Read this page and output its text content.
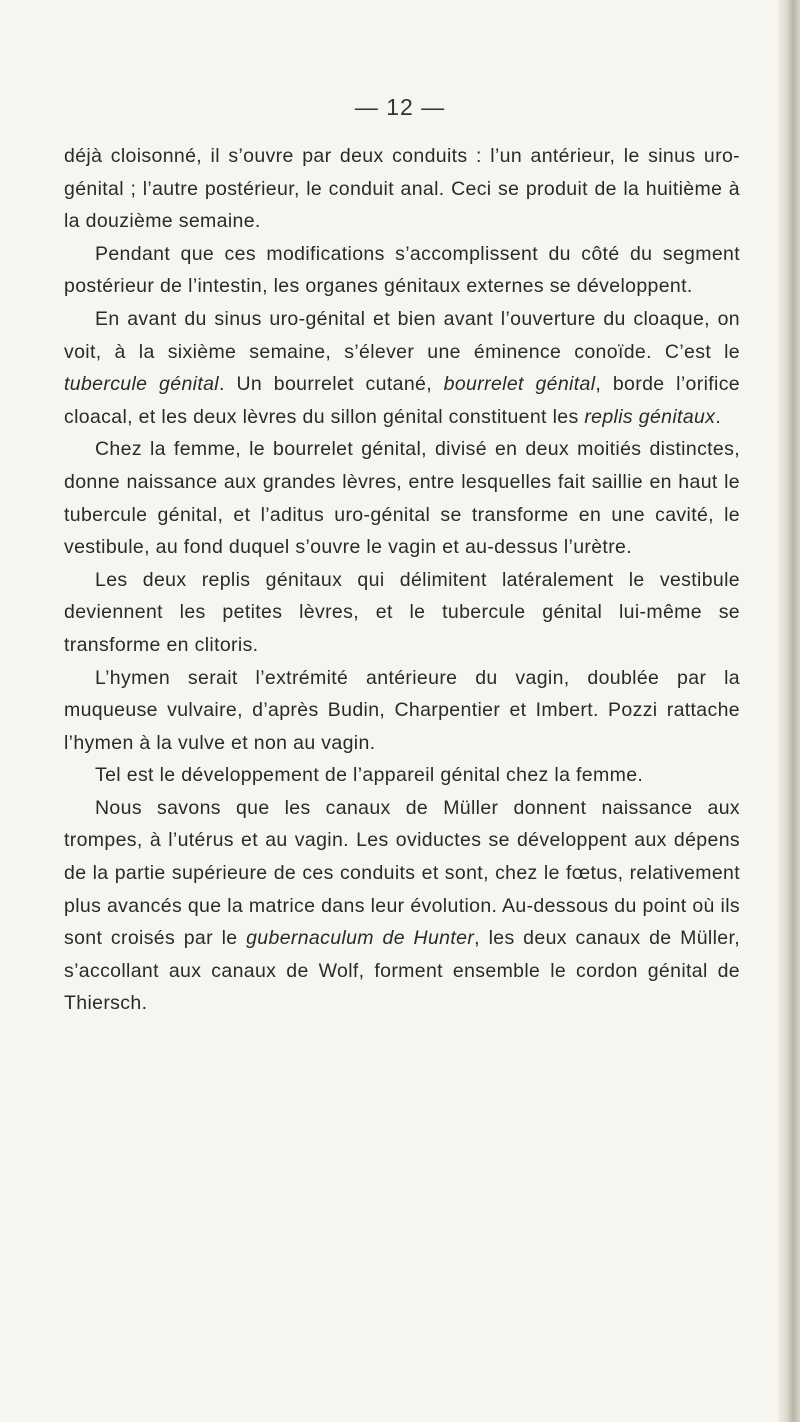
— 12 —

déjà cloisonné, il s’ouvre par deux conduits : l’un antérieur, le sinus uro-génital ; l’autre postérieur, le conduit anal. Ceci se produit de la huitième à la douzième semaine.

Pendant que ces modifications s’accomplissent du côté du segment postérieur de l’intestin, les organes génitaux externes se développent.

En avant du sinus uro-génital et bien avant l’ouverture du cloaque, on voit, à la sixième semaine, s’élever une éminence conoïde. C’est le tubercule génital. Un bourrelet cutané, bourrelet génital, borde l’orifice cloacal, et les deux lèvres du sillon génital constituent les replis génitaux.

Chez la femme, le bourrelet génital, divisé en deux moitiés distinctes, donne naissance aux grandes lèvres, entre lesquelles fait saillie en haut le tubercule génital, et l’aditus uro-génital se transforme en une cavité, le vestibule, au fond duquel s’ouvre le vagin et au-dessus l’urètre.

Les deux replis génitaux qui délimitent latéralement le vestibule deviennent les petites lèvres, et le tubercule génital lui-même se transforme en clitoris.

L’hymen serait l’extrémité antérieure du vagin, doublée par la muqueuse vulvaire, d’après Budin, Charpentier et Imbert. Pozzi rattache l’hymen à la vulve et non au vagin.

Tel est le développement de l’appareil génital chez la femme.

Nous savons que les canaux de Müller donnent naissance aux trompes, à l’utérus et au vagin. Les oviductes se développent aux dépens de la partie supérieure de ces conduits et sont, chez le fœtus, relativement plus avancés que la matrice dans leur évolution. Au-dessous du point où ils sont croisés par le gubernaculum de Hunter, les deux canaux de Müller, s’accollant aux canaux de Wolf, forment ensemble le cordon génital de Thiersch.
